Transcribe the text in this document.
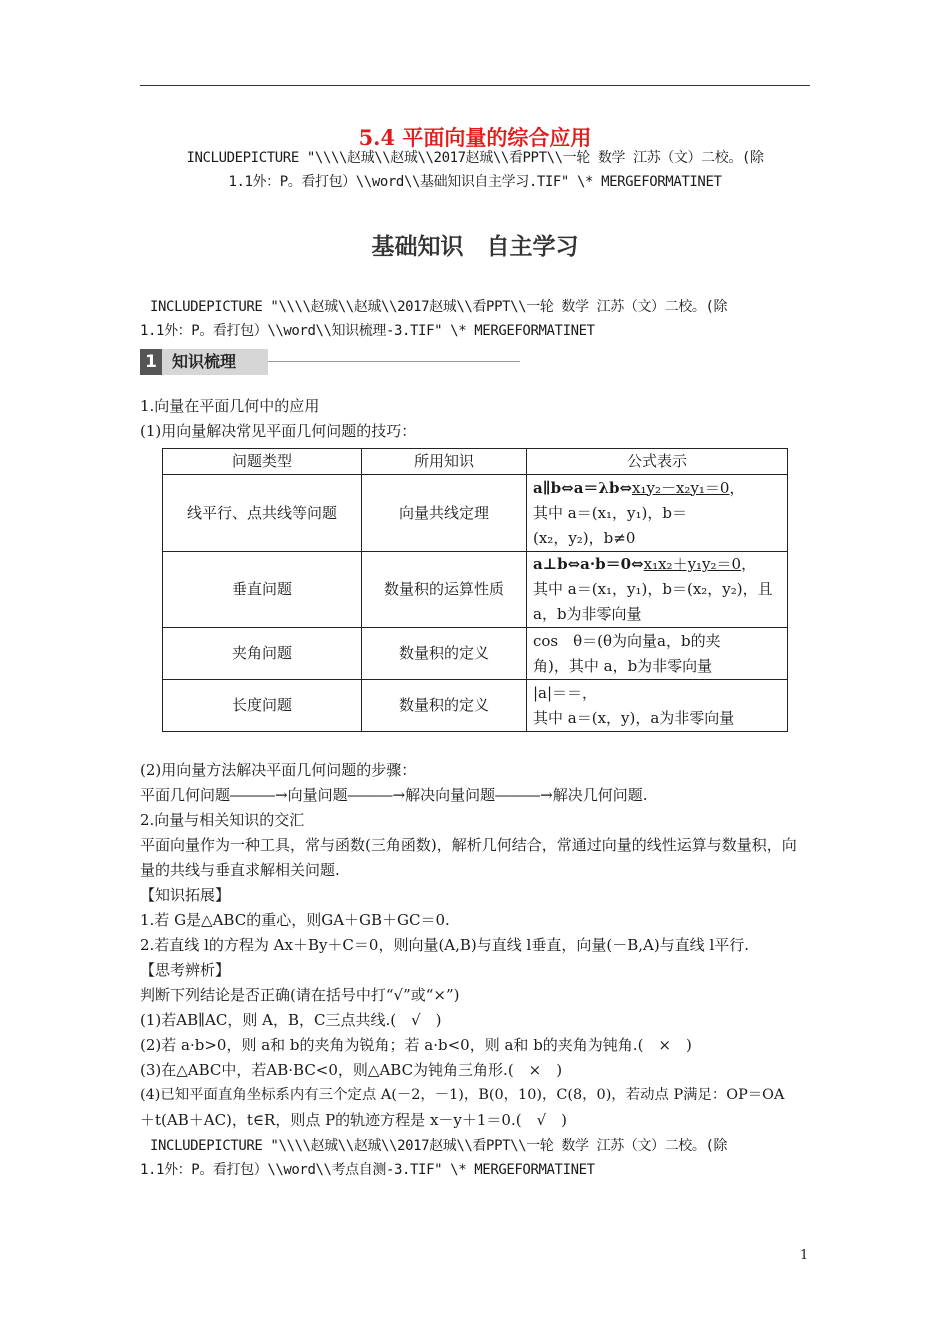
5.4 平面向量的综合应用
INCLUDEPICTURE "\\\\赵珹\\赵珹\\2017赵珹\\看PPT\\一轮 数学 江苏（文）二校。(除
1.1外：P。看打包）\\word\\基础知识自主学习.TIF" \* MERGEFORMATINET
基础知识　自主学习
INCLUDEPICTURE "\\\\赵珹\\赵珹\\2017赵珹\\看PPT\\一轮 数学 江苏（文）二校。(除
1.1外：P。看打包）\\word\\知识梳理-3.TIF" \* MERGEFORMATINET
1 知识梳理
1.向量在平面几何中的应用
(1)用向量解决常见平面几何问题的技巧：
问题类型	所用知识	公式表示
线平行、点共线等问题	向量共线定理	a∥b⇔a＝λb⇔x₁y₂－x₂y₁＝0，
其中 a＝(x₁，y₁)，b＝
(x₂，y₂)，b≠0

垂直问题	数量积的运算性质	a⊥b⇔a·b＝0⇔x₁x₂＋y₁y₂＝0，
其中 a＝(x₁，y₁)，b＝(x₂，y₂)，且
a，b为非零向量

夹角问题	数量积的定义	cos　θ＝(θ为向量a，b的夹
角)，其中 a，b为非零向量

长度问题	数量积的定义	|a|＝＝，
其中 a＝(x，y)，a为非零向量
(2)用向量方法解决平面几何问题的步骤：
平面几何问题―――→向量问题―――→解决向量问题―――→解决几何问题.
2.向量与相关知识的交汇
平面向量作为一种工具，常与函数(三角函数)，解析几何结合，常通过向量的线性运算与数量积，向量的共线与垂直求解相关问题.
【知识拓展】
1.若 G是△ABC的重心，则GA＋GB＋GC＝0.
2.若直线 l的方程为 Ax＋By＋C＝0，则向量(A,B)与直线 l垂直，向量(－B,A)与直线 l平行.
【思考辨析】
判断下列结论是否正确(请在括号中打“√”或“×”)
(1)若AB∥AC，则 A，B，C三点共线.(　√　)
(2)若 a·b>0，则 a和 b的夹角为锐角；若 a·b<0，则 a和 b的夹角为钝角.(　×　)
(3)在△ABC中，若AB·BC<0，则△ABC为钝角三角形.(　×　)
(4)已知平面直角坐标系内有三个定点 A(－2，－1)，B(0，10)，C(8，0)，若动点 P满足：OP＝OA
＋t(AB＋AC)，t∈R，则点 P的轨迹方程是 x－y＋1＝0.(　√　)
INCLUDEPICTURE "\\\\赵珹\\赵珹\\2017赵珹\\看PPT\\一轮 数学 江苏（文）二校。(除
1.1外：P。看打包）\\word\\考点自测-3.TIF" \* MERGEFORMATINET
1
